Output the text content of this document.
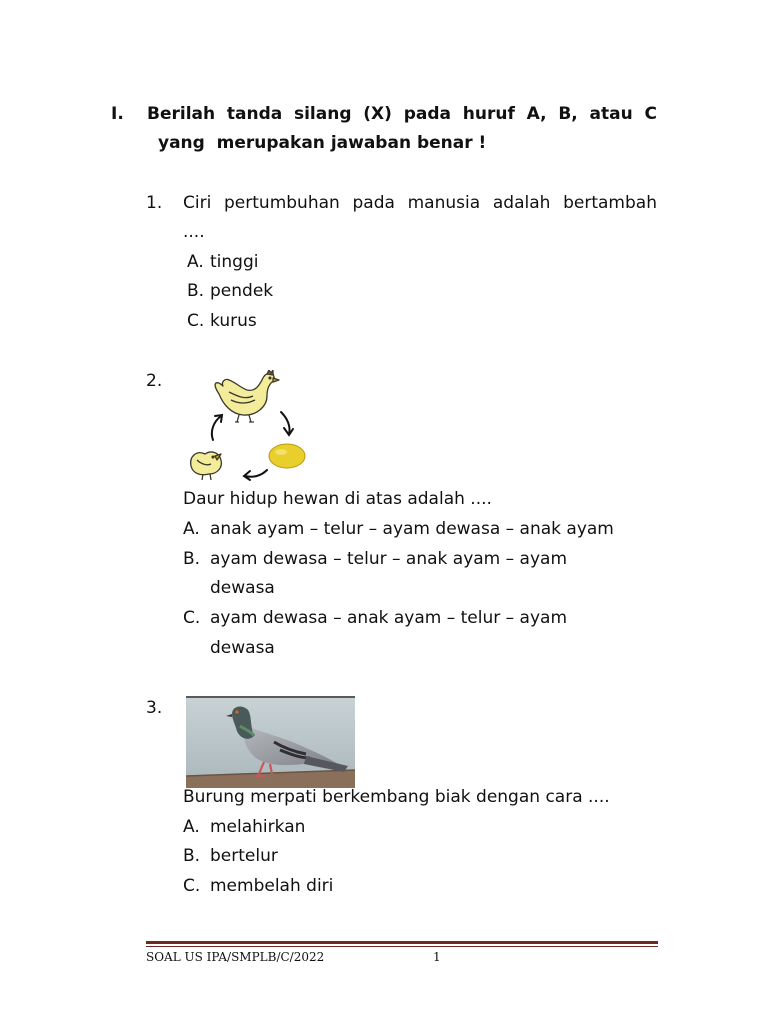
I. Berilah tanda silang (X) pada huruf A, B, atau C
yang  merupakan jawaban benar !
1. Ciri pertumbuhan pada manusia adalah bertambah
....
A. tinggi
B. pendek
C. kurus
2.
Daur hidup hewan di atas adalah ....
A. anak ayam – telur – ayam dewasa – anak ayam
B. ayam dewasa – telur – anak ayam – ayam
dewasa
C. ayam dewasa – anak ayam – telur – ayam
dewasa
3.
Burung merpati berkembang biak dengan cara ....
A. melahirkan
B. bertelur
C. membelah diri
SOAL US IPA/SMPLB/C/2022	1
